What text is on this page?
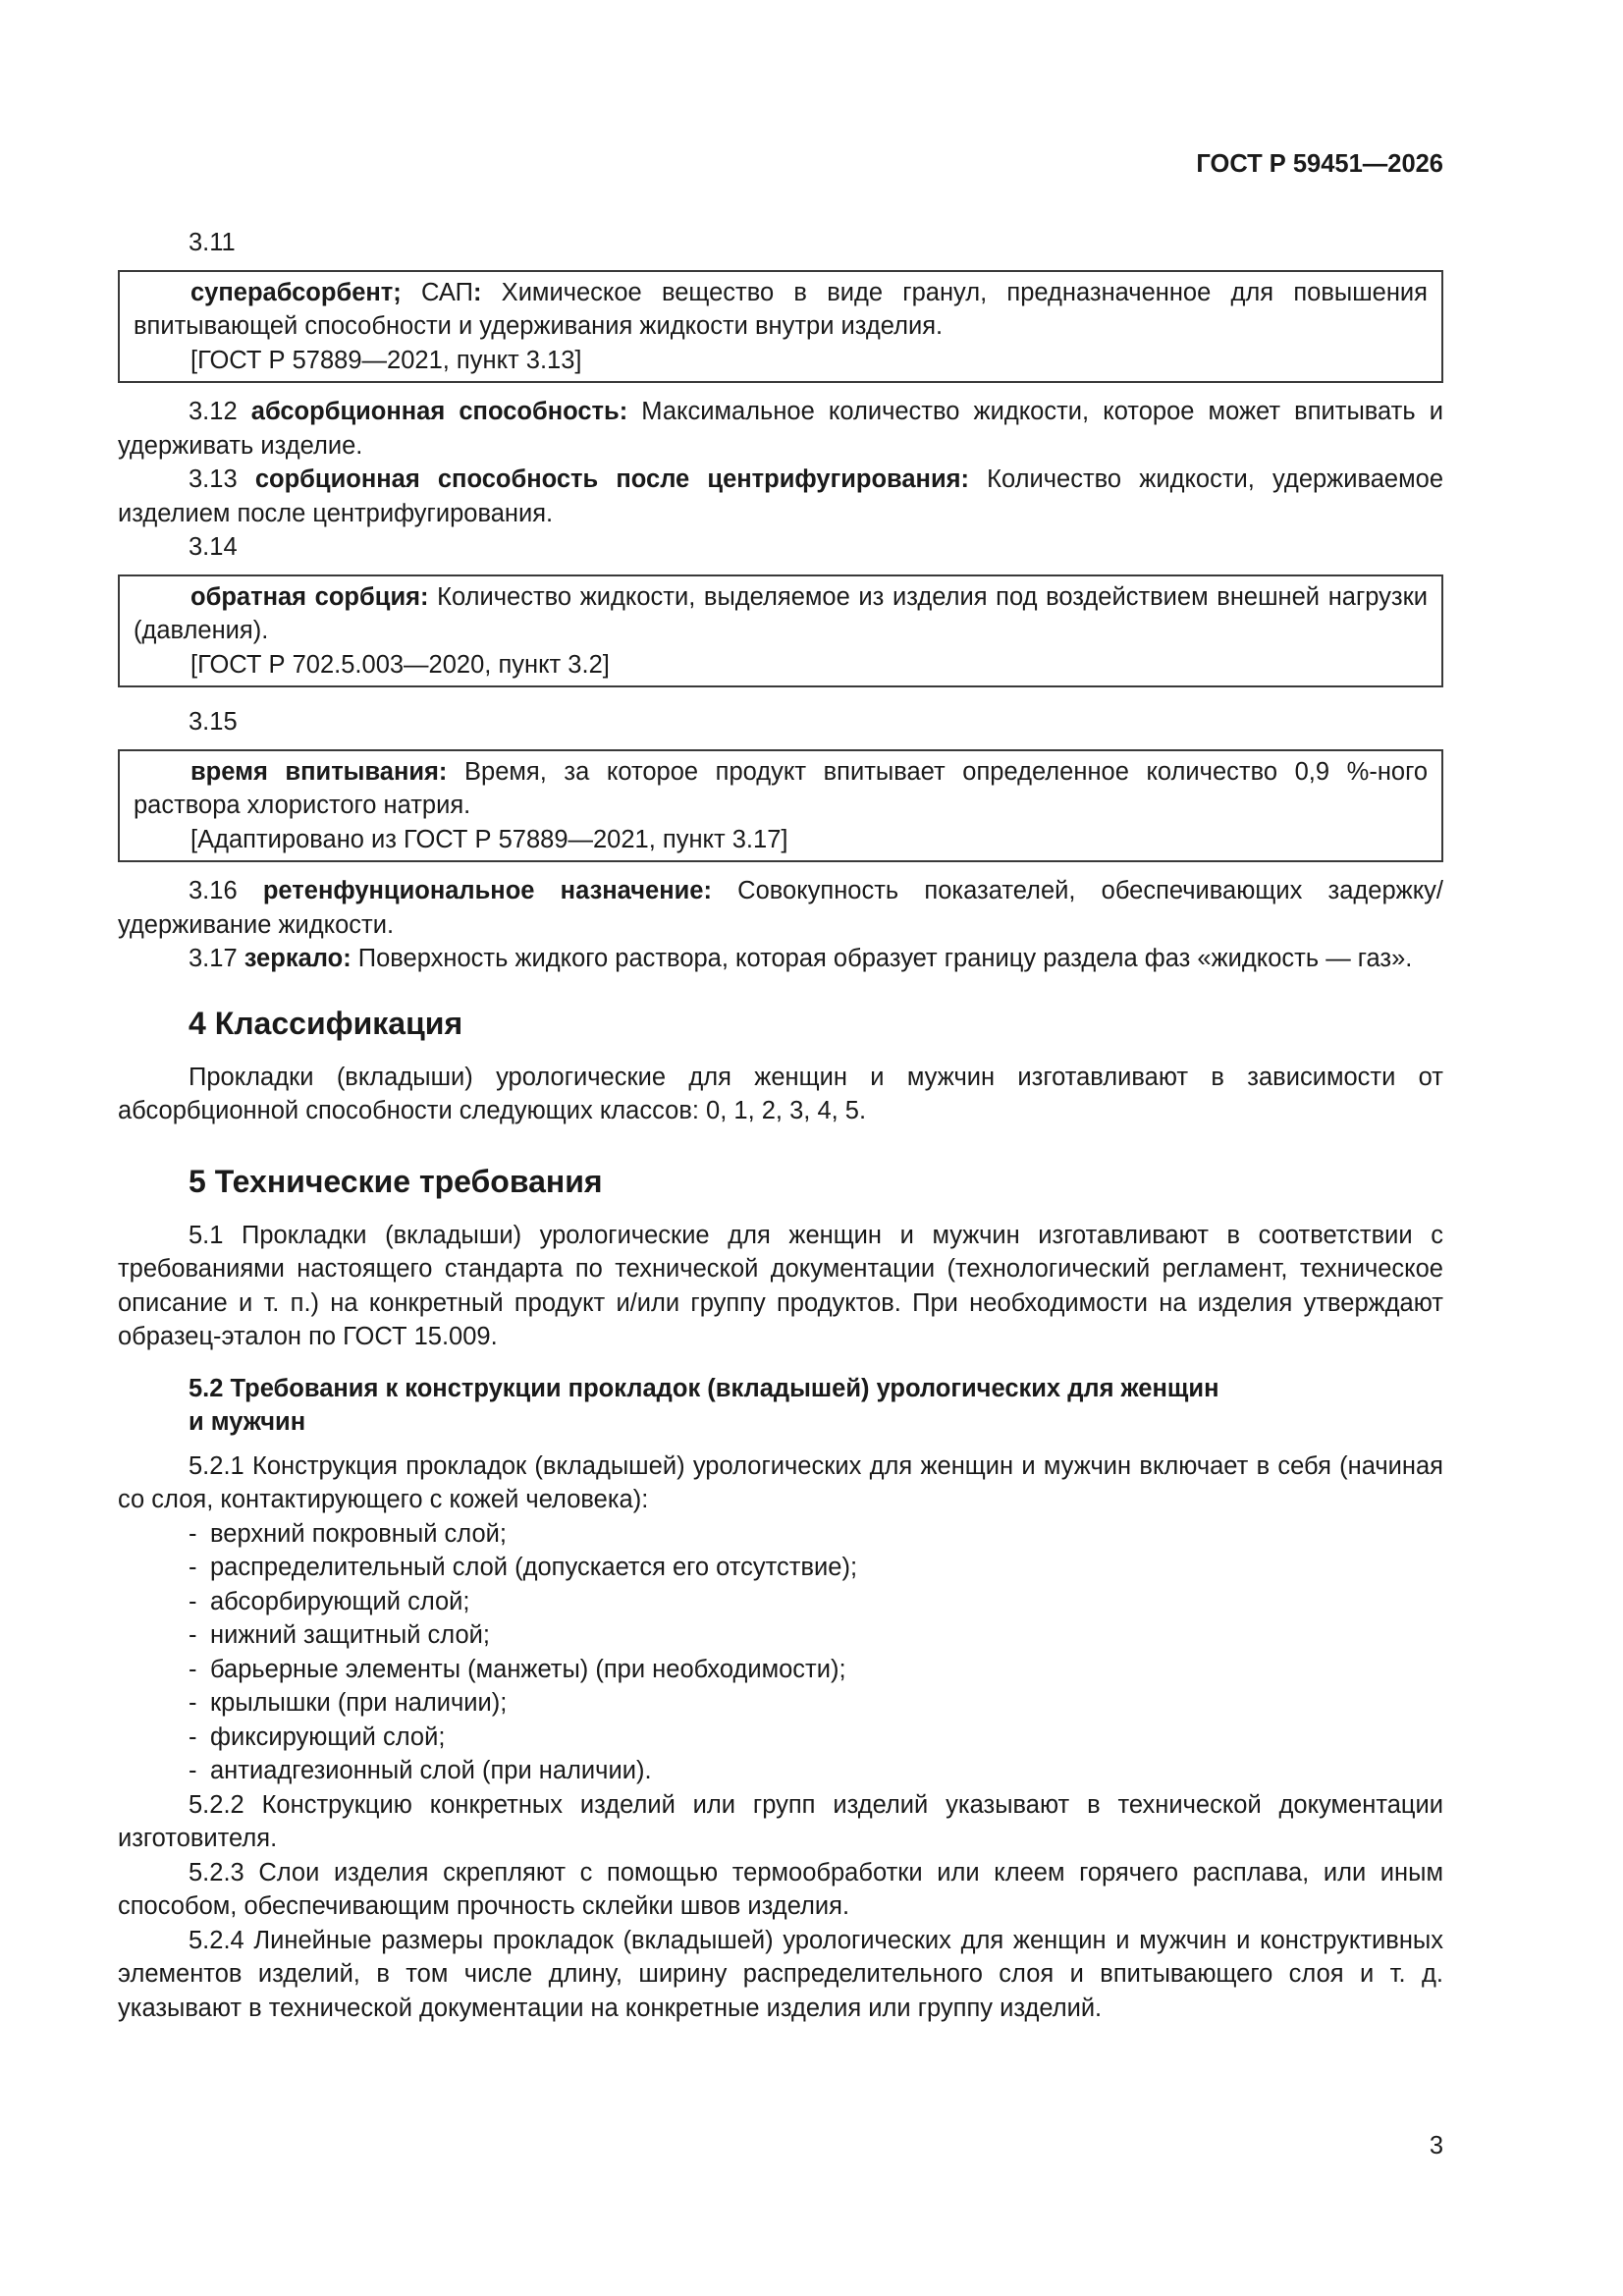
ГОСТ Р 59451—2026

3.11

суперабсорбент; САП: Химическое вещество в виде гранул, предназначенное для повышения впитывающей способности и удерживания жидкости внутри изделия.

[ГОСТ Р 57889—2021, пункт 3.13]

3.12 абсорбционная способность: Максимальное количество жидкости, которое может впитывать и удерживать изделие.

3.13 сорбционная способность после центрифугирования: Количество жидкости, удерживаемое изделием после центрифугирования.

3.14

обратная сорбция: Количество жидкости, выделяемое из изделия под воздействием внешней нагрузки (давления).

[ГОСТ Р 702.5.003—2020, пункт 3.2]

3.15

время впитывания: Время, за которое продукт впитывает определенное количество 0,9 %-ного раствора хлористого натрия.

[Адаптировано из ГОСТ Р 57889—2021, пункт 3.17]

3.16 ретенфунциональное назначение: Совокупность показателей, обеспечивающих задержку/удерживание жидкости.

3.17 зеркало: Поверхность жидкого раствора, которая образует границу раздела фаз «жидкость — газ».

4 Классификация

Прокладки (вкладыши) урологические для женщин и мужчин изготавливают в зависимости от абсорбционной способности следующих классов: 0, 1, 2, 3, 4, 5.

5 Технические требования

5.1 Прокладки (вкладыши) урологические для женщин и мужчин изготавливают в соответствии с требованиями настоящего стандарта по технической документации (технологический регламент, техническое описание и т. п.) на конкретный продукт и/или группу продуктов. При необходимости на изделия утверждают образец-эталон по ГОСТ 15.009.

5.2 Требования к конструкции прокладок (вкладышей) урологических для женщин

и мужчин

5.2.1 Конструкция прокладок (вкладышей) урологических для женщин и мужчин включает в себя (начиная со слоя, контактирующего с кожей человека):

- верхний покровный слой;
- распределительный слой (допускается его отсутствие);
- абсорбирующий слой;
- нижний защитный слой;
- барьерные элементы (манжеты) (при необходимости);
- крылышки (при наличии);
- фиксирующий слой;
- антиадгезионный слой (при наличии).

5.2.2 Конструкцию конкретных изделий или групп изделий указывают в технической документации изготовителя.

5.2.3 Слои изделия скрепляют с помощью термообработки или клеем горячего расплава, или иным способом, обеспечивающим прочность склейки швов изделия.

5.2.4 Линейные размеры прокладок (вкладышей) урологических для женщин и мужчин и конструктивных элементов изделий, в том числе длину, ширину распределительного слоя и впитывающего слоя и т. д. указывают в технической документации на конкретные изделия или группу изделий.

3
